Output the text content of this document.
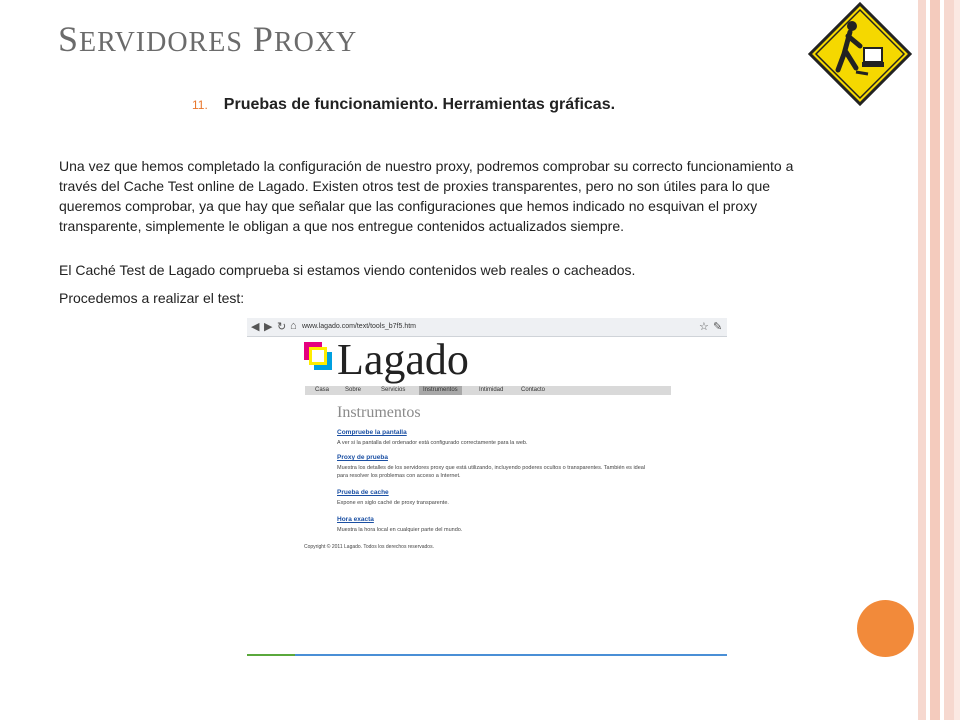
SERVIDORES PROXY
11. Pruebas de funcionamiento. Herramientas gráficas.

Una vez que hemos completado la configuración de nuestro proxy, podremos comprobar su correcto funcionamiento a través del Cache Test online de Lagado. Existen otros test de proxies transparentes, pero no son útiles para lo que queremos comprobar, ya que hay que señalar que las configuraciones que hemos indicado no esquivan el proxy transparente, simplemente le obligan a que nos entregue contenidos actualizados siempre.

El Caché Test de Lagado comprueba si estamos viendo contenidos web reales o cacheados.

Procedemos a realizar el test:

◀ ▶ ↻ ⌂ www.lagado.com/text/tools_b7f5.htm	☆ ✎
Lagado
Casa	Sobre	Servicios	Instrumentos	Intimidad	Contacto
Instrumentos
Compruebe la pantalla
A ver si la pantalla del ordenador está configurado correctamente para la web.
Proxy de prueba
Muestra los detalles de los servidores proxy que está utilizando, incluyendo poderes ocultos o transparentes. También es ideal para resolver los problemas con acceso a Internet.
Prueba de cache
Expone en siglo caché de proxy transparente.
Hora exacta
Muestra la hora local en cualquier parte del mundo.
Copyright © 2011 Lagado. Todos los derechos reservados.
